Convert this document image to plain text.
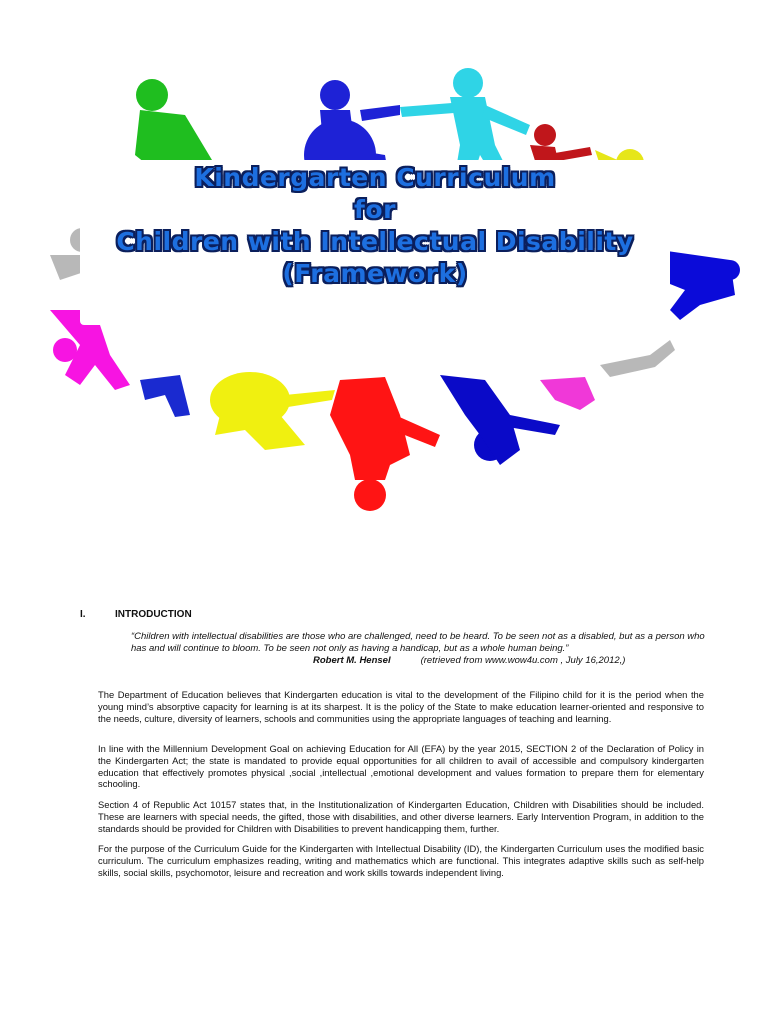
Kindergarten Curriculum
for
Children with Intellectual Disability
(Framework)
I.	INTRODUCTION
“Children with intellectual disabilities are those who are challenged, need to be heard. To be seen not as a disabled, but as a person who has and will continue to bloom. To be seen not only as having a handicap, but as a whole human being.”
Robert M. Hensel	(retrieved from www.wow4u.com , July 16,2012,)
The Department of Education believes that Kindergarten education is vital to the development of the Filipino child for it is the period when the young mind’s absorptive capacity for learning is at its sharpest. It is the policy of the State to make education learner-oriented and responsive to the needs, culture, diversity of learners, schools and communities using the appropriate languages of teaching and learning.
In line with the Millennium Development Goal on achieving Education for All (EFA) by the year 2015, SECTION 2 of the Declaration of Policy in the Kindergarten Act; the state is mandated to provide equal opportunities for all children to avail of accessible and compulsory kindergarten education that effectively promotes physical ,social ,intellectual ,emotional development and values formation to prepare them for elementary schooling.
Section 4 of Republic Act 10157 states that, in the Institutionalization of Kindergarten Education, Children with Disabilities should be included. These are learners with special needs, the gifted, those with disabilities, and other diverse learners. Early Intervention Program, in addition to the standards should be provided for Children with Disabilities to prevent handicapping them, further.
For the purpose of the Curriculum Guide for the Kindergarten with Intellectual Disability (ID), the Kindergarten Curriculum uses the modified basic curriculum. The curriculum emphasizes reading, writing and mathematics which are functional. This integrates adaptive skills such as self-help skills, social skills, psychomotor, leisure and recreation and work skills towards independent living.
